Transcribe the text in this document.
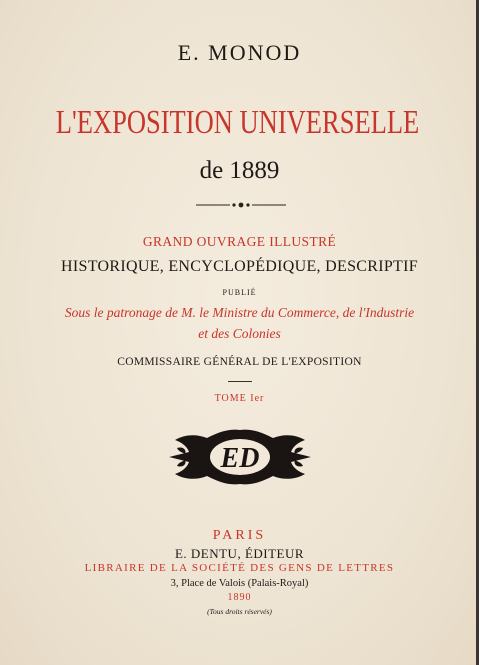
E. MONOD
L'EXPOSITION UNIVERSELLE
de 1889
GRAND OUVRAGE ILLUSTRÉ
HISTORIQUE, ENCYCLOPÉDIQUE, DESCRIPTIF
PUBLIÉ
Sous le patronage de M. le Ministre du Commerce, de l'Industrie
et des Colonies
COMMISSAIRE GÉNÉRAL DE L'EXPOSITION
TOME Ier
ED
PARIS
E. DENTU, ÉDITEUR
LIBRAIRE DE LA SOCIÉTÉ DES GENS DE LETTRES
3, Place de Valois (Palais-Royal)
1890
(Tous droits réservés)
